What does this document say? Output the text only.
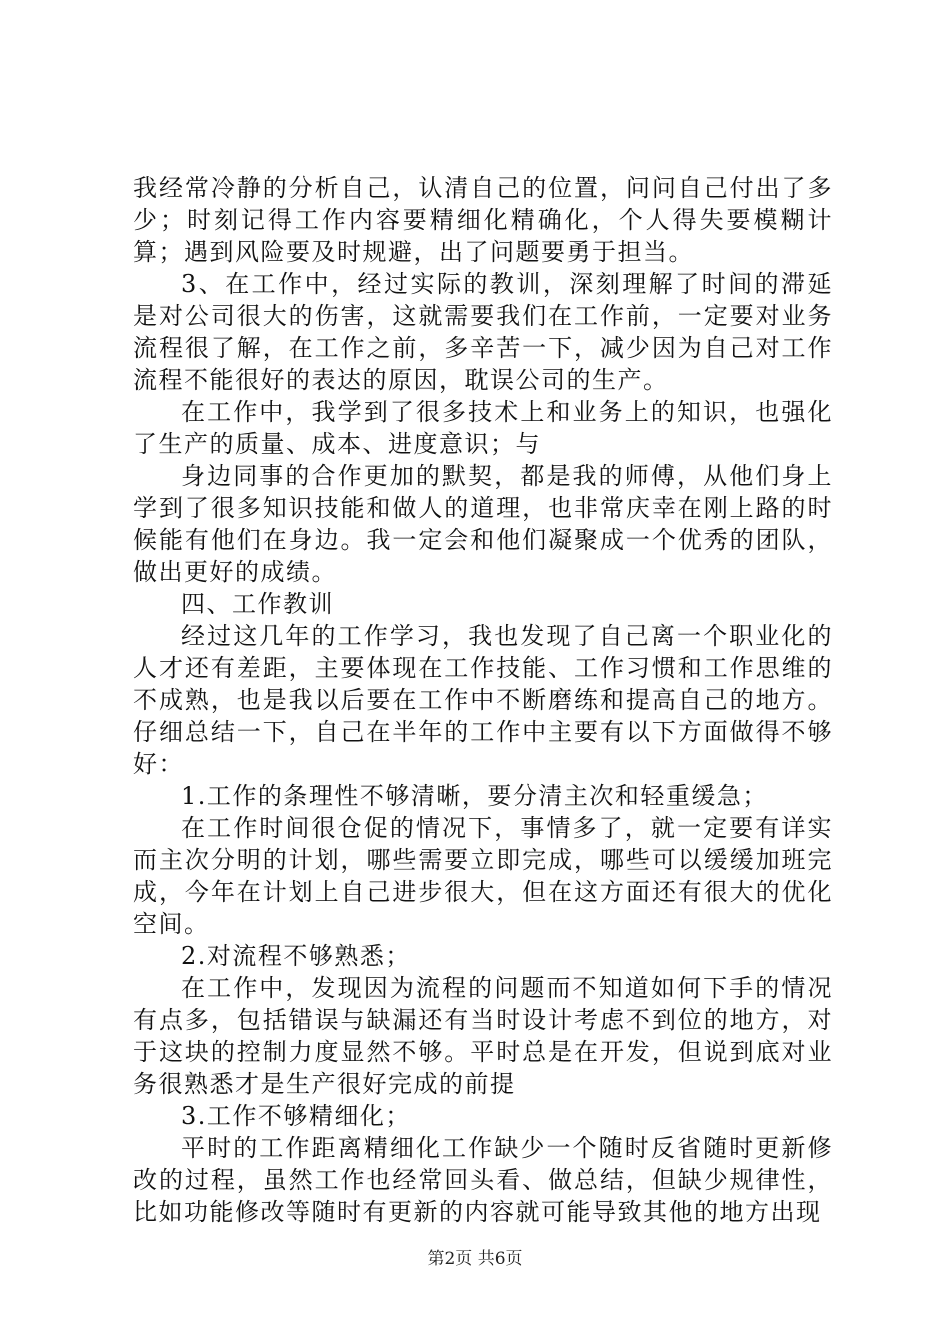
我经常冷静的分析自己，认清自己的位置，问问自己付出了多少；时刻记得工作内容要精细化精确化，个人得失要模糊计算；遇到风险要及时规避，出了问题要勇于担当。

3、在工作中，经过实际的教训，深刻理解了时间的滞延是对公司很大的伤害，这就需要我们在工作前，一定要对业务流程很了解，在工作之前，多辛苦一下，减少因为自己对工作流程不能很好的表达的原因，耽误公司的生产。

在工作中，我学到了很多技术上和业务上的知识，也强化了生产的质量、成本、进度意识；与

身边同事的合作更加的默契，都是我的师傅，从他们身上学到了很多知识技能和做人的道理，也非常庆幸在刚上路的时候能有他们在身边。我一定会和他们凝聚成一个优秀的团队，做出更好的成绩。

四、工作教训

经过这几年的工作学习，我也发现了自己离一个职业化的人才还有差距，主要体现在工作技能、工作习惯和工作思维的不成熟，也是我以后要在工作中不断磨练和提高自己的地方。仔细总结一下，自己在半年的工作中主要有以下方面做得不够好：

1.工作的条理性不够清晰，要分清主次和轻重缓急；

在工作时间很仓促的情况下，事情多了，就一定要有详实而主次分明的计划，哪些需要立即完成，哪些可以缓缓加班完成，今年在计划上自己进步很大，但在这方面还有很大的优化空间。

2.对流程不够熟悉；

在工作中，发现因为流程的问题而不知道如何下手的情况有点多，包括错误与缺漏还有当时设计考虑不到位的地方，对于这块的控制力度显然不够。平时总是在开发，但说到底对业务很熟悉才是生产很好完成的前提

3.工作不够精细化；

平时的工作距离精细化工作缺少一个随时反省随时更新修改的过程，虽然工作也经常回头看、做总结，但缺少规律性，比如功能修改等随时有更新的内容就可能导致其他的地方出现

第2页 共6页
